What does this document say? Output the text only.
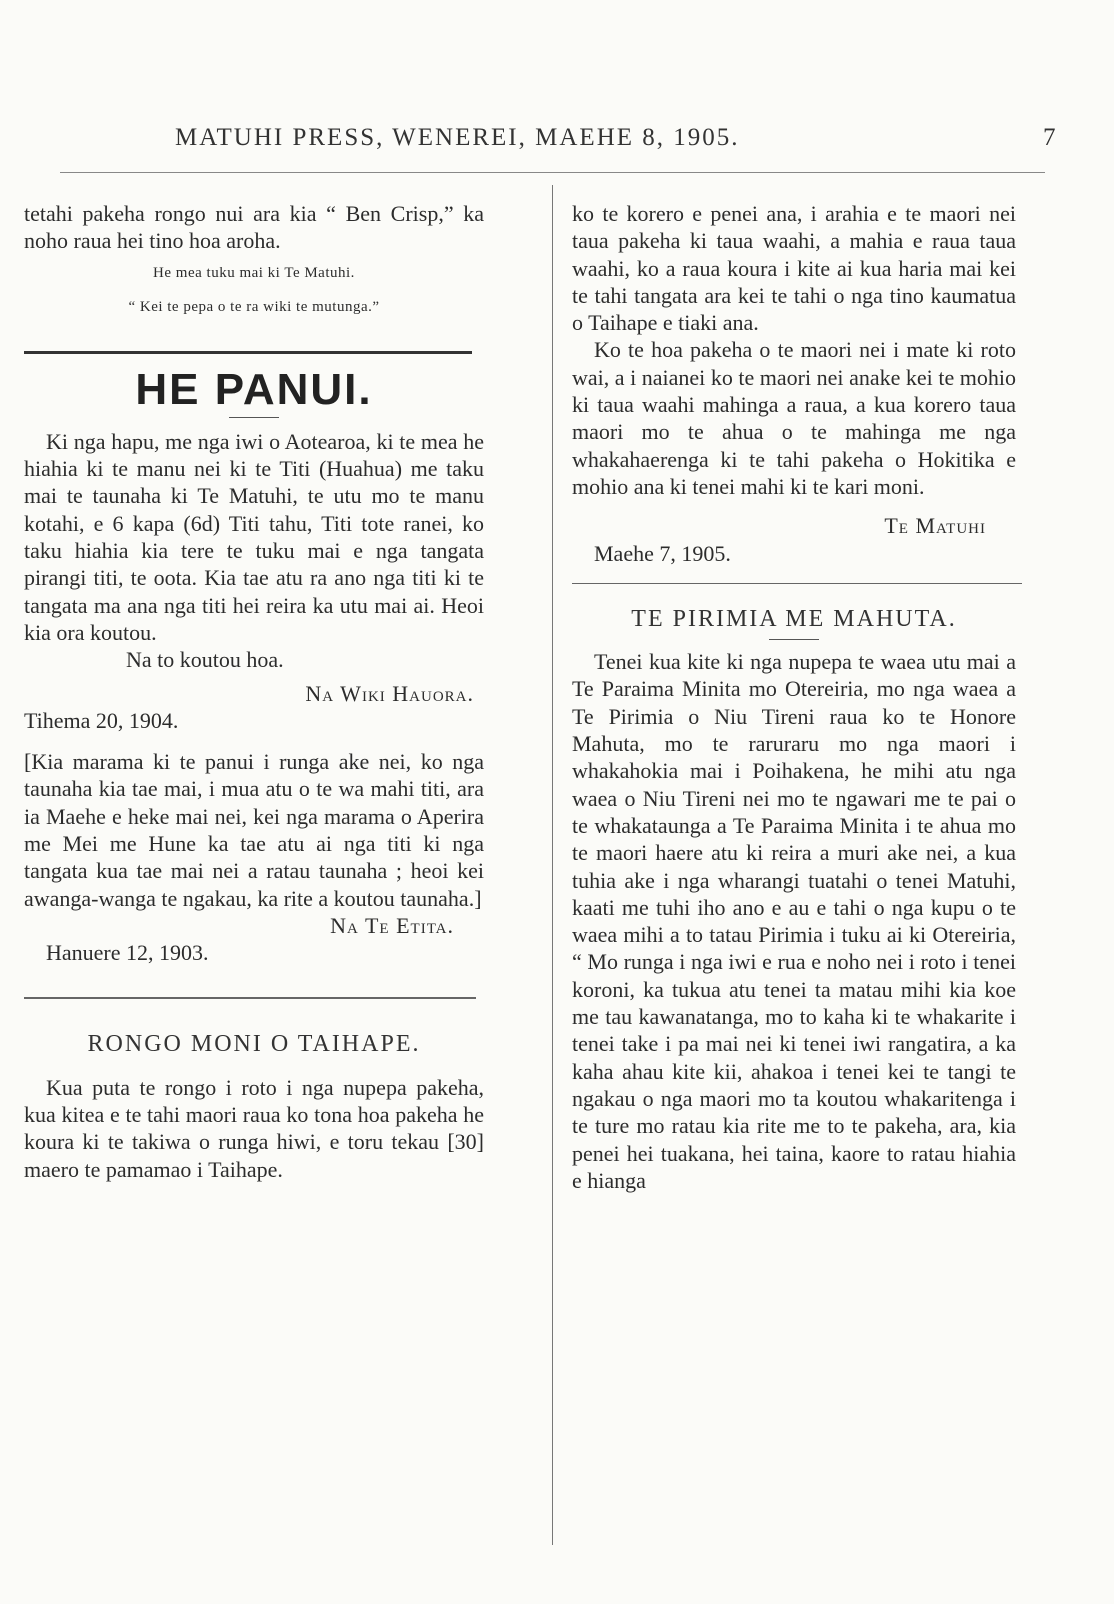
MATUHI PRESS, WENEREI, MAEHE 8, 1905.	7

tetahi pakeha rongo nui ara kia “ Ben Crisp,” ka noho raua hei tino hoa aroha.

He mea tuku mai ki Te Matuhi.

“ Kei te pepa o te ra wiki te mutunga.”

HE PANUI.

Ki nga hapu, me nga iwi o Aotearoa, ki te mea he hiahia ki te manu nei ki te Titi (Huahua) me taku mai te taunaha ki Te Matuhi, te utu mo te manu kotahi, e 6 kapa (6d) Titi tahu, Titi tote ranei, ko taku hiahia kia tere te tuku mai e nga tangata pirangi titi, te oota. Kia tae atu ra ano nga titi ki te tangata ma ana nga titi hei reira ka utu mai ai. Heoi kia ora koutou.

Na to koutou hoa.

Na Wiki Hauora.

Tihema 20, 1904.

[Kia marama ki te panui i runga ake nei, ko nga taunaha kia tae mai, i mua atu o te wa mahi titi, ara ia Maehe e heke mai nei, kei nga marama o Aperira me Mei me Hune ka tae atu ai nga titi ki nga tangata kua tae mai nei a ratau taunaha ; heoi kei awanga-wanga te ngakau, ka rite a koutou taunaha.]

Na Te Etita.

Hanuere 12, 1903.

RONGO MONI O TAIHAPE.

Kua puta te rongo i roto i nga nupepa pakeha, kua kitea e te tahi maori raua ko tona hoa pakeha he koura ki te takiwa o runga hiwi, e toru tekau [30] maero te pamamao i Taihape.

ko te korero e penei ana, i arahia e te maori nei taua pakeha ki taua waahi, a mahia e raua taua waahi, ko a raua koura i kite ai kua haria mai kei te tahi tangata ara kei te tahi o nga tino kaumatua o Taihape e tiaki ana.

Ko te hoa pakeha o te maori nei i mate ki roto wai, a i naianei ko te maori nei anake kei te mohio ki taua waahi mahinga a raua, a kua korero taua maori mo te ahua o te mahinga me nga whakahaerenga ki te tahi pakeha o Hokitika e mohio ana ki tenei mahi ki te kari moni.

Te Matuhi

Maehe 7, 1905.

TE PIRIMIA ME MAHUTA.

Tenei kua kite ki nga nupepa te waea utu mai a Te Paraima Minita mo Otereiria, mo nga waea a Te Pirimia o Niu Tireni raua ko te Honore Mahuta, mo te raruraru mo nga maori i whakahokia mai i Poihakena, he mihi atu nga waea o Niu Tireni nei mo te ngawari me te pai o te whakataunga a Te Paraima Minita i te ahua mo te maori haere atu ki reira a muri ake nei, a kua tuhia ake i nga wharangi tuatahi o tenei Matuhi, kaati me tuhi iho ano e au e tahi o nga kupu o te waea mihi a to tatau Pirimia i tuku ai ki Otereiria, “ Mo runga i nga iwi e rua e noho nei i roto i tenei koroni, ka tukua atu tenei ta matau mihi kia koe me tau kawanatanga, mo to kaha ki te whakarite i tenei take i pa mai nei ki tenei iwi rangatira, a ka kaha ahau kite kii, ahakoa i tenei kei te tangi te ngakau o nga maori mo ta koutou whakaritenga i te ture mo ratau kia rite me to te pakeha, ara, kia penei hei tuakana, hei taina, kaore to ratau hiahia e hianga
